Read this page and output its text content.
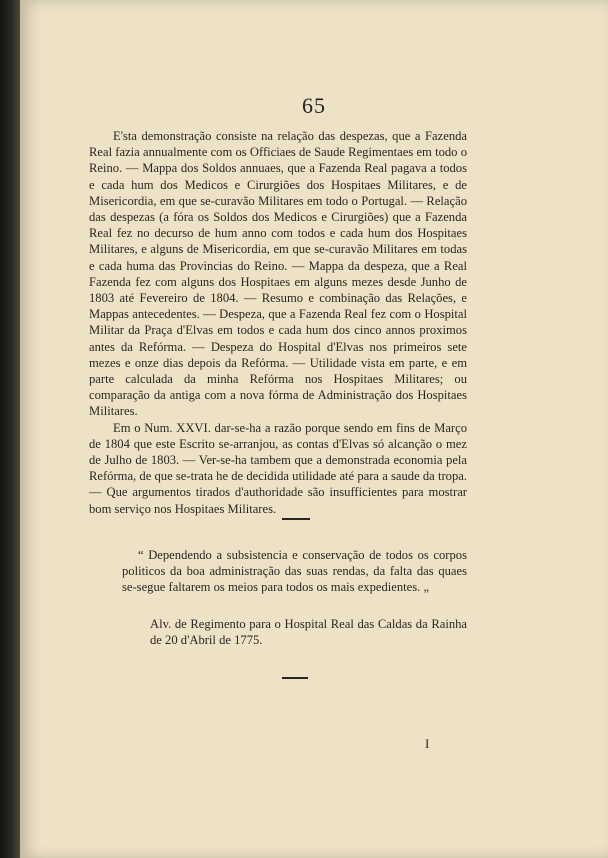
65

E'sta demonstração consiste na relação das despezas, que a Fazenda Real fazia annualmente com os Officiaes de Saude Regimentaes em todo o Reino. — Mappa dos Soldos annuaes, que a Fazenda Real pagava a todos e cada hum dos Medicos e Cirurgiões dos Hospitaes Militares, e de Misericordia, em que se-curavão Militares em todo o Portugal. — Relação das despezas (a fóra os Soldos dos Medicos e Cirurgiões) que a Fazenda Real fez no decurso de hum anno com todos e cada hum dos Hospitaes Militares, e alguns de Misericordia, em que se-curavão Militares em todas e cada huma das Provincias do Reino. — Mappa da despeza, que a Real Fazenda fez com alguns dos Hospitaes em alguns mezes desde Junho de 1803 até Fevereiro de 1804. — Resumo e combinação das Relações, e Mappas antecedentes. — Despeza, que a Fazenda Real fez com o Hospital Militar da Praça d'Elvas em todos e cada hum dos cinco annos proximos antes da Refórma. — Despeza do Hospital d'Elvas nos primeiros sete mezes e onze dias depois da Refórma. — Utilidade vista em parte, e em parte calculada da minha Refórma nos Hospitaes Militares; ou comparação da antiga com a nova fórma de Administração dos Hospitaes Militares.

Em o Num. XXVI. dar-se-ha a razão porque sendo em fins de Março de 1804 que este Escrito se-arranjou, as contas d'Elvas só alcanção o mez de Julho de 1803. — Ver-se-ha tambem que a demonstrada economia pela Refórma, de que se-trata he de decidida utilidade até para a saude da tropa. — Que argumentos tirados d'authoridade são insufficientes para mostrar bom serviço nos Hospitaes Militares.

“ Dependendo a subsistencia e conservação de todos os corpos politicos da boa administração das suas rendas, da falta das quaes se-segue faltarem os meios para todos os mais expedientes. „

Alv. de Regimento para o Hospital Real das Caldas da Rainha de 20 d'Abril de 1775.

I
